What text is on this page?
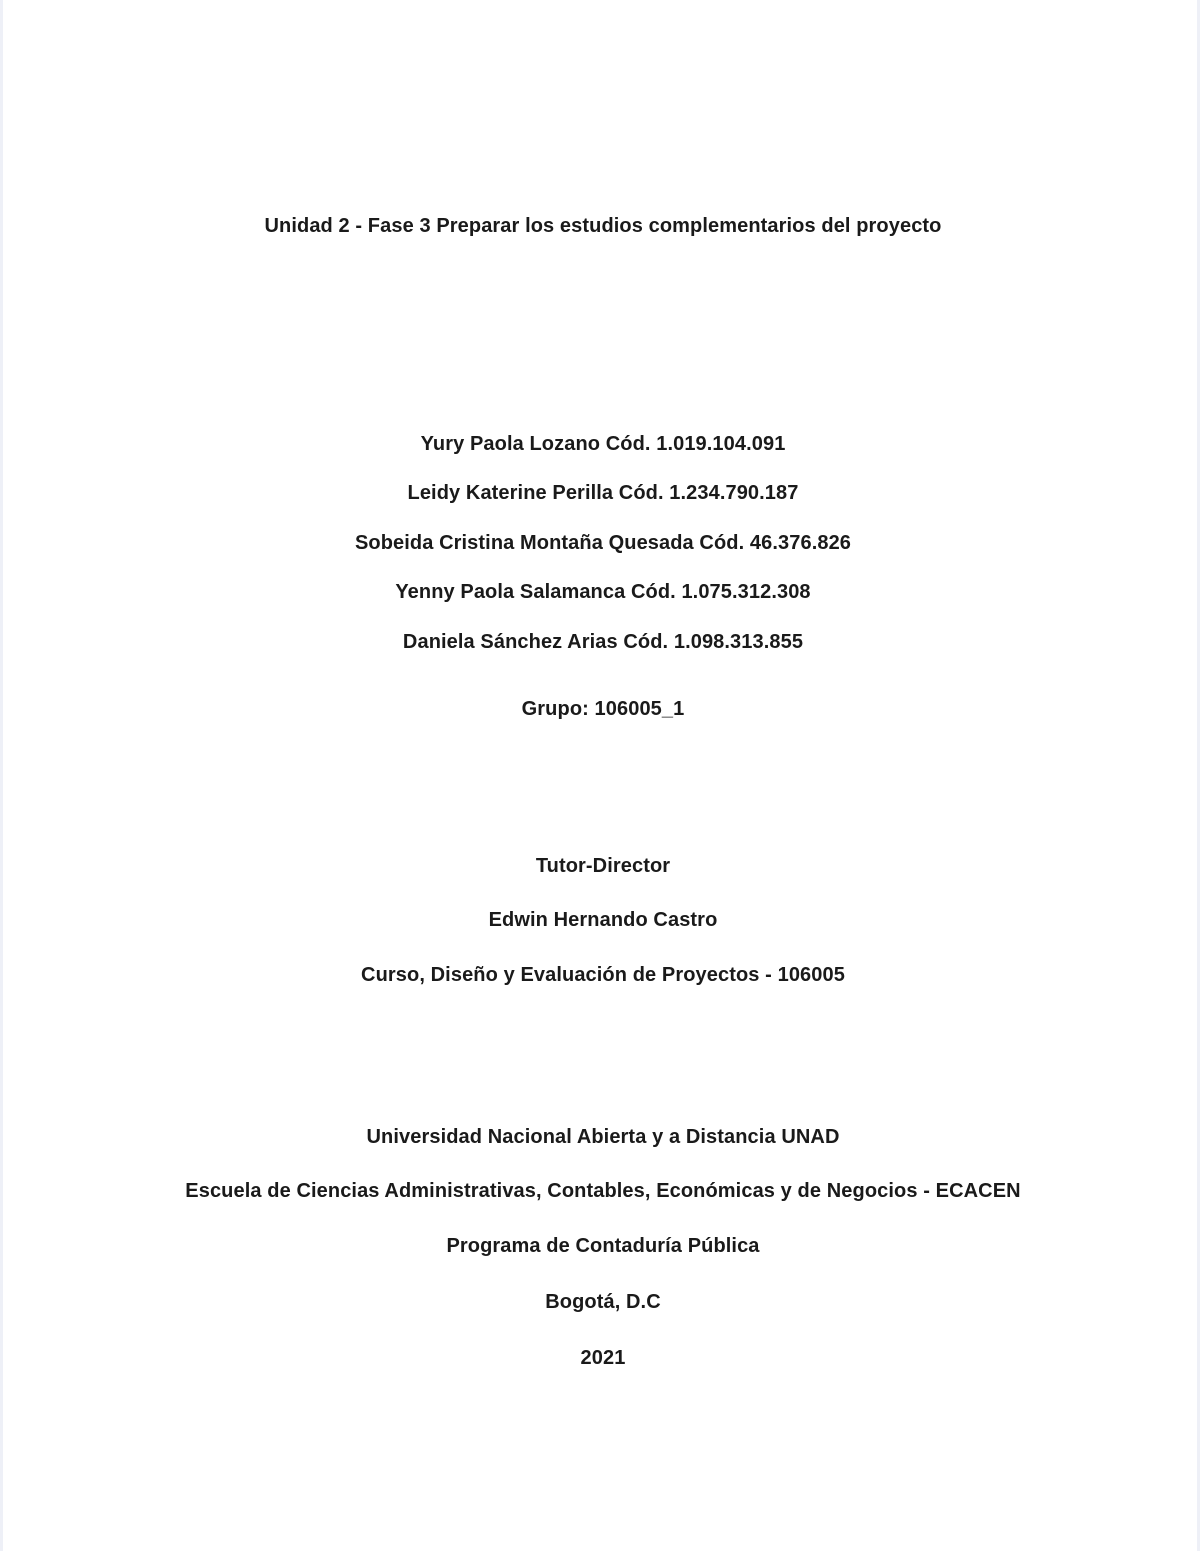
Unidad 2 - Fase 3 Preparar los estudios complementarios del proyecto
Yury Paola Lozano Cód. 1.019.104.091
Leidy Katerine Perilla Cód. 1.234.790.187
Sobeida Cristina Montaña Quesada Cód. 46.376.826
Yenny Paola Salamanca Cód. 1.075.312.308
Daniela Sánchez Arias Cód. 1.098.313.855
Grupo: 106005_1
Tutor-Director
Edwin Hernando Castro
Curso, Diseño y Evaluación de Proyectos - 106005
Universidad Nacional Abierta y a Distancia UNAD
Escuela de Ciencias Administrativas, Contables, Económicas y de Negocios - ECACEN
Programa de Contaduría Pública
Bogotá, D.C
2021
